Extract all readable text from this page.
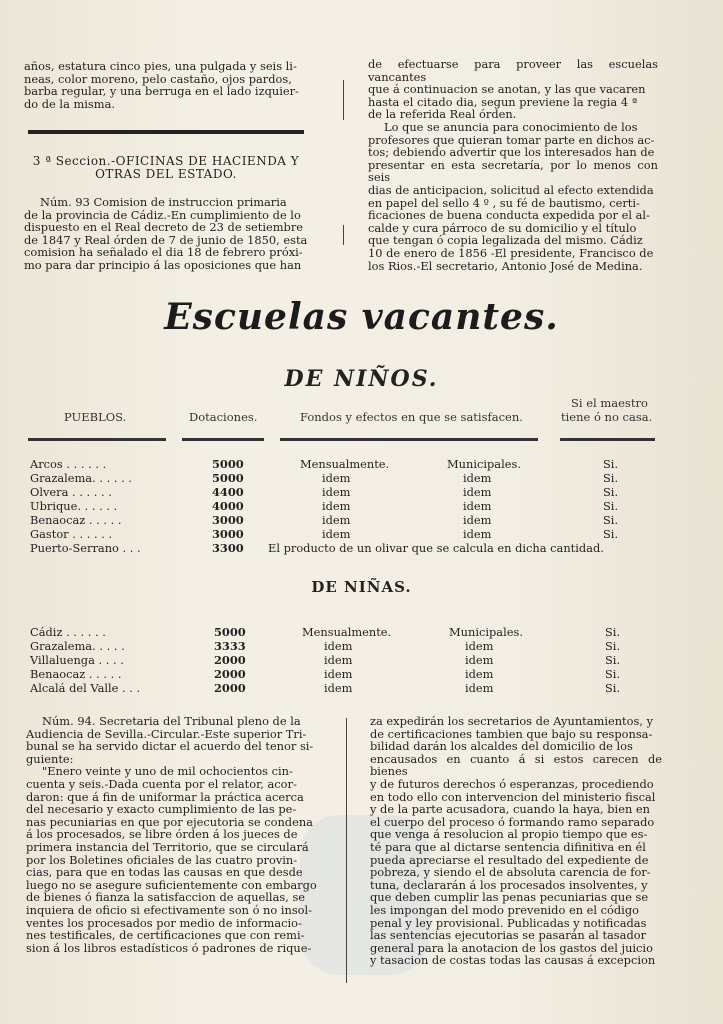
años, estatura cinco pies, una pulgada y seis li-

neas, color moreno, pelo castaño, ojos pardos,

barba regular, y una berruga en el lado izquier-

do de la misma.

3 ª Seccion.-OFICINAS DE HACIENDA Y

OTRAS DEL ESTADO.

Núm. 93 Comision de instruccion primaria

de la provincia de Cádiz.-En cumplimiento de lo

dispuesto en el Real decreto de 23 de setiembre

de 1847 y Real órden de 7 de junio de 1850, esta

comision ha señalado el dia 18 de febrero próxi-

mo para dar principio á las oposiciones que han

de efectuarse para proveer las escuelas vancantes

que á continuacion se anotan, y las que vacaren

hasta el citado dia, segun previene la regia 4 ª

de la referida Real órden.

Lo que se anuncia para conocimiento de los

profesores que quieran tomar parte en dichos ac-

tos; debiendo advertir que los interesados han de

presentar en esta secretaría, por lo menos con seis

dias de anticipacion, solicitud al efecto extendida

en papel del sello 4 º , su fé de bautismo, certi-

ficaciones de buena conducta expedida por el al-

calde y cura párroco de su domicilio y el título

que tengan ó copia legalizada del mismo. Cádiz

10 de enero de 1856 -El presidente, Francisco de

los Rios.-El secretario, Antonio José de Medina.

Escuelas vacantes.
DE NIÑOS.
PUEBLOS.	Dotaciones.	Fondos y efectos en que se satisfacen.
Si el maestro
tiene ó no casa.
Arcos . . . . . .	5000	Mensualmente.	Municipales.	Si.
Grazalema. . . . . .	5000	idem	idem	Si.
Olvera . . . . . .	4400	idem	idem	Si.
Ubrique. . . . . .	4000	idem	idem	Si.
Benaocaz . . . . .	3000	idem	idem	Si.
Gastor . . . . . .	3000	idem	idem	Si.
Puerto-Serrano . . .	3300 El producto de un olivar que se calcula en dicha cantidad.
DE NIÑAS.
Cádiz . . . . . .	5000	Mensualmente.	Municipales.	Si.
Grazalema. . . . .	3333	idem	idem	Si.
Villaluenga . . . .	2000	idem	idem	Si.
Benaocaz . . . . .	2000	idem	idem	Si.
Alcalá del Valle . . .	2000	idem	idem	Si.

Núm. 94. Secretaria del Tribunal pleno de la

Audiencia de Sevilla.-Circular.-Este superior Tri-

bunal se ha servido dictar el acuerdo del tenor si-

guiente:

"Enero veinte y uno de mil ochocientos cin-

cuenta y seis.-Dada cuenta por el relator, acor-

daron: que á fin de uniformar la práctica acerca

del necesario y exacto cumplimiento de las pe-

nas pecuniarias en que por ejecutoria se condena

á los procesados, se libre órden á los jueces de

primera instancia del Territorio, que se circulará

por los Boletines oficiales de las cuatro provin-

cias, para que en todas las causas en que desde

luego no se asegure suficientemente con embargo

de bienes ó fianza la satisfaccion de aquellas, se

inquiera de oficio si efectivamente son ó no insol-

ventes los procesados por medio de informacio-

nes testificales, de certificaciones que con remi-

sion á los libros estadísticos ó padrones de rique-

za expedirán los secretarios de Ayuntamientos, y

de certificaciones tambien que bajo su responsa-

bilidad darán los alcaldes del domicilio de los

encausados en cuanto á si estos carecen de bienes

y de futuros derechos ó esperanzas, procediendo

en todo ello con intervencion del ministerio fiscal

y de la parte acusadora, cuando la haya, bien en

el cuerpo del proceso ó formando ramo separado

que venga á resolucion al propio tiempo que es-

té para que al dictarse sentencia difinitiva en él

pueda apreciarse el resultado del expediente de

pobreza, y siendo el de absoluta carencia de for-

tuna, declararán á los procesados insolventes, y

que deben cumplir las penas pecuniarias que se

les impongan del modo prevenido en el código

penal y ley provisional. Publicadas y notificadas

las sentencias ejecutorias se pasarán al tasador

general para la anotacion de los gastos del juicio

y tasacion de costas todas las causas á excepcion
